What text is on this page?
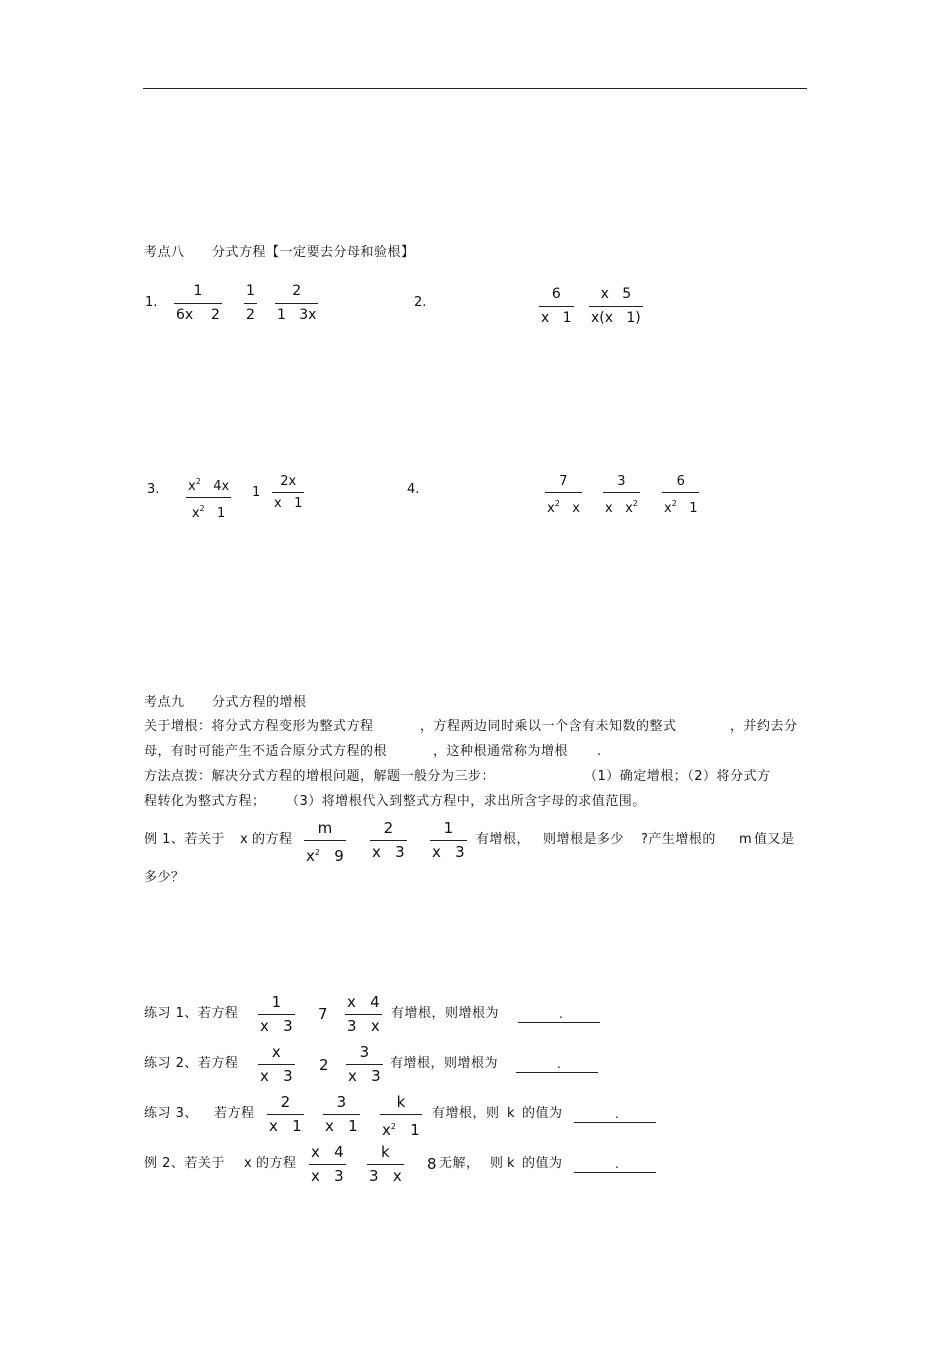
考点八 分式方程【一定要去分母和验根】
1.
1
6x    2
1
2
2
1   3x
2.
6
x   1
x   5
x(x   1)
3. $x^2$   4x
$x^2$   1
1
2x
x   1
4.
7
$x^2$   x
3
x   $x^2$
6
$x^2$   1
考点九 分式方程的增根
关于增根：将分式方程变形为整式方程	，方程两边同时乘以一个含有未知数的整式	，并约去分
母，有时可能产生不适合原分式方程的根	，这种根通常称为增根 .
方法点拨：解决分式方程的增根问题，解题一般分为三步：	（1）确定增根；（2）将分式方
程转化为整式方程； （3）将增根代入到整式方程中，求出所含字母的求值范围。
例 1、若关于 x 的方程
m
$x^2$   9
2
x   3
1
x   3
有增根， 则增根是多少 ?产生增根的 m 值又是
多少？
练习 1、若方程
1
x   3
7
x   4
3   x
有增根，则增根为	.
练习 2、若方程
x
x   3
2
3
x   3
有增根，则增根为	.
练习 3、 若方程
2
x   1
3
x   1
k
$x^2$   1
有增根，则 k 的值为	.
例 2、若关于 x 的方程
x   4
x   3
k
3   x
8 无解， 则 k 的值为	.
